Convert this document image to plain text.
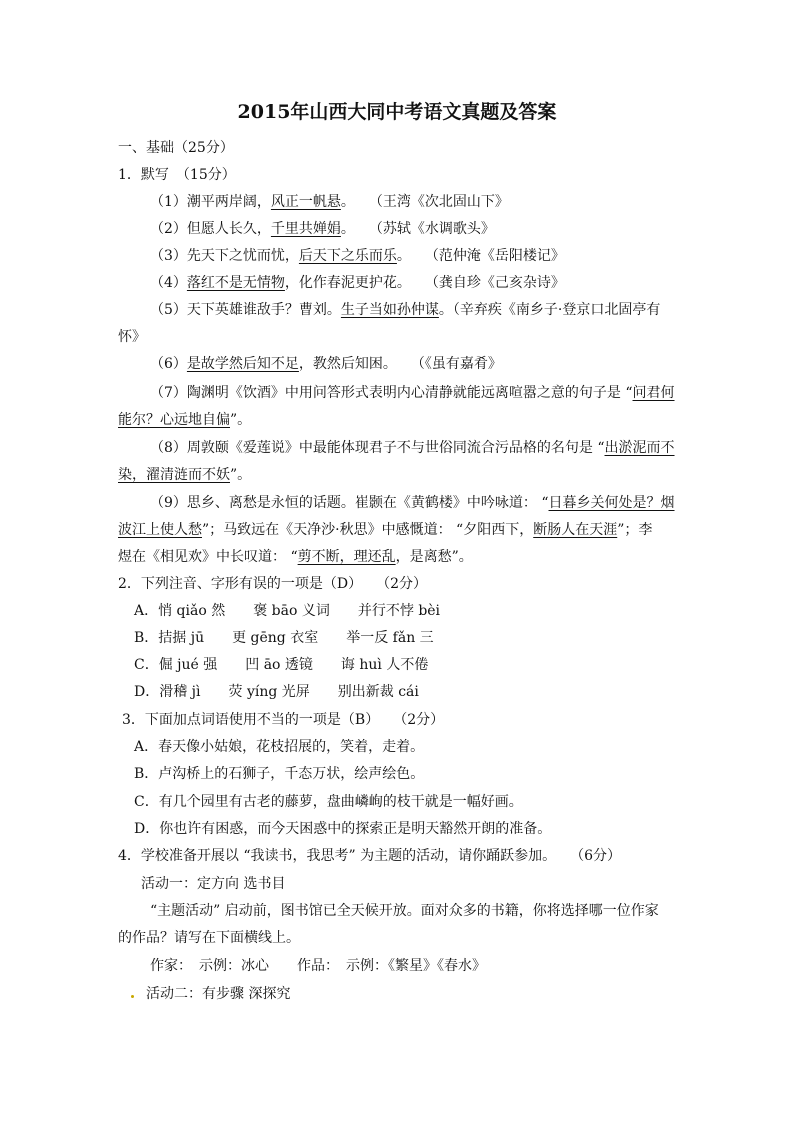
2015年山西大同中考语文真题及答案
一、基础（25分）
1．默写　（15分）
（1）潮平两岸阔，风正一帆悬。　　（王湾《次北固山下》
（2）但愿人长久，千里共婵娟。　　（苏轼《水调歌头》
（3）先天下之忧而忧，后天下之乐而乐。　　（范仲淹《岳阳楼记》
（4）落红不是无情物，化作春泥更护花。　　（龚自珍《己亥杂诗》
（5）天下英雄谁敌手？曹刘。生子当如孙仲谋。（辛弃疾《南乡子·登京口北固亭有
怀》
（6）是故学然后知不足，教然后知困。　　（《虽有嘉肴》
（7）陶渊明《饮酒》中用问答形式表明内心清静就能远离喧嚣之意的句子是 “问君何
能尔？心远地自偏”。
（8）周敦颐《爱莲说》中最能体现君子不与世俗同流合污品格的名句是 “出淤泥而不
染，濯清涟而不妖”。
（9）思乡、离愁是永恒的话题。崔颢在《黄鹤楼》中吟咏道： “日暮乡关何处是？烟
波江上使人愁”；马致远在《天净沙·秋思》中感慨道： “夕阳西下，断肠人在天涯”；李
煜在《相见欢》中长叹道： “剪不断，理还乱，是离愁”。
2．下列注音、字形有误的一项是（D）　　（2分）
A．悄 qiǎo 然　　褒 bāo 义词　　并行不悖 bèi
B．拮据 jū　　更 gēng 衣室　　举一反 fǎn 三
C．倔 jué 强　　凹 āo 透镜　　诲 huì 人不倦
D．滑稽 jì　　荧 yíng 光屏　　别出新裁 cái
3．下面加点词语使用不当的一项是（B）　　（2分）
A．春天像小姑娘，花枝招展的，笑着，走着。
B．卢沟桥上的石狮子，千态万状，绘声绘色。
C．有几个园里有古老的藤萝，盘曲嶙峋的枝干就是一幅好画。
D．你也许有困惑，而今天困惑中的探索正是明天豁然开朗的准备。
4．学校准备开展以 “我读书，我思考” 为主题的活动，请你踊跃参加。　　（6分）
活动一：定方向 选书目
“主题活动” 启动前，图书馆已全天候开放。面对众多的书籍，你将选择哪一位作家
的作品？请写在下面横线上。
作家：　示例：冰心　　作品：　示例：《繁星》《春水》
活动二：有步骤 深探究
